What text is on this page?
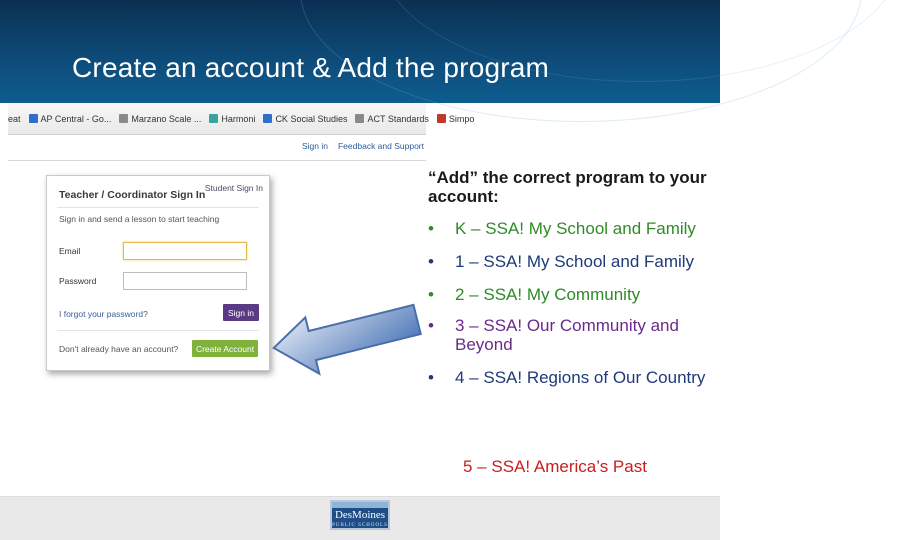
Create an account & Add the program
eat AP Central - Go... Marzano Scale ... Harmoni CK Social Studies ACT Standards Simpo
Sign in Feedback and Support
Teacher / Coordinator Sign In
Student Sign In
Sign in and send a lesson to start teaching
Email
Password
I forgot your password?	Sign in
Don't already have an account?	Create Account
“Add” the correct program to your account:
• K – SSA! My School and Family
• 1 – SSA! My School and Family
• 2 – SSA! My Community
• 3 – SSA! Our Community and Beyond
• 4 – SSA! Regions of Our Country
5 – SSA! America’s Past
DesMoines
PUBLIC SCHOOLS
